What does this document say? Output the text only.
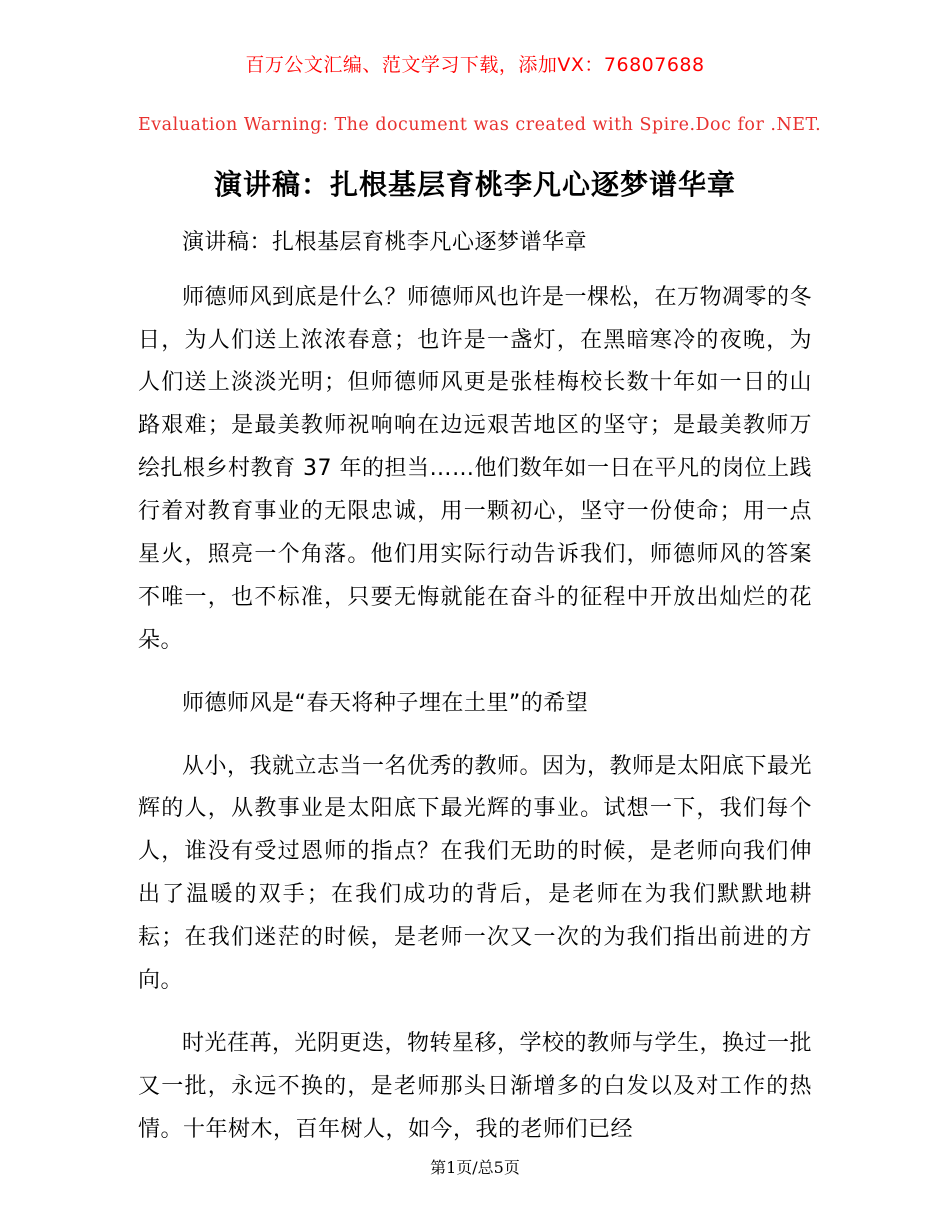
百万公文汇编、范文学习下载，添加VX：76807688
Evaluation Warning: The document was created with Spire.Doc for .NET.
演讲稿：扎根基层育桃李凡心逐梦谱华章

演讲稿：扎根基层育桃李凡心逐梦谱华章

师德师风到底是什么？师德师风也许是一棵松，在万物凋零的冬日，为人们送上浓浓春意；也许是一盏灯，在黑暗寒冷的夜晚，为人们送上淡淡光明；但师德师风更是张桂梅校长数十年如一日的山路艰难；是最美教师祝响响在边远艰苦地区的坚守；是最美教师万绘扎根乡村教育 37 年的担当……他们数年如一日在平凡的岗位上践行着对教育事业的无限忠诚，用一颗初心，坚守一份使命；用一点星火，照亮一个角落。他们用实际行动告诉我们，师德师风的答案不唯一，也不标准，只要无悔就能在奋斗的征程中开放出灿烂的花朵。

师德师风是“春天将种子埋在土里”的希望

从小，我就立志当一名优秀的教师。因为，教师是太阳底下最光辉的人，从教事业是太阳底下最光辉的事业。试想一下，我们每个人，谁没有受过恩师的指点？在我们无助的时候，是老师向我们伸出了温暖的双手；在我们成功的背后，是老师在为我们默默地耕耘；在我们迷茫的时候，是老师一次又一次的为我们指出前进的方向。

时光荏苒，光阴更迭，物转星移，学校的教师与学生，换过一批又一批，永远不换的，是老师那头日渐增多的白发以及对工作的热情。十年树木，百年树人，如今，我的老师们已经

第1页/总5页
